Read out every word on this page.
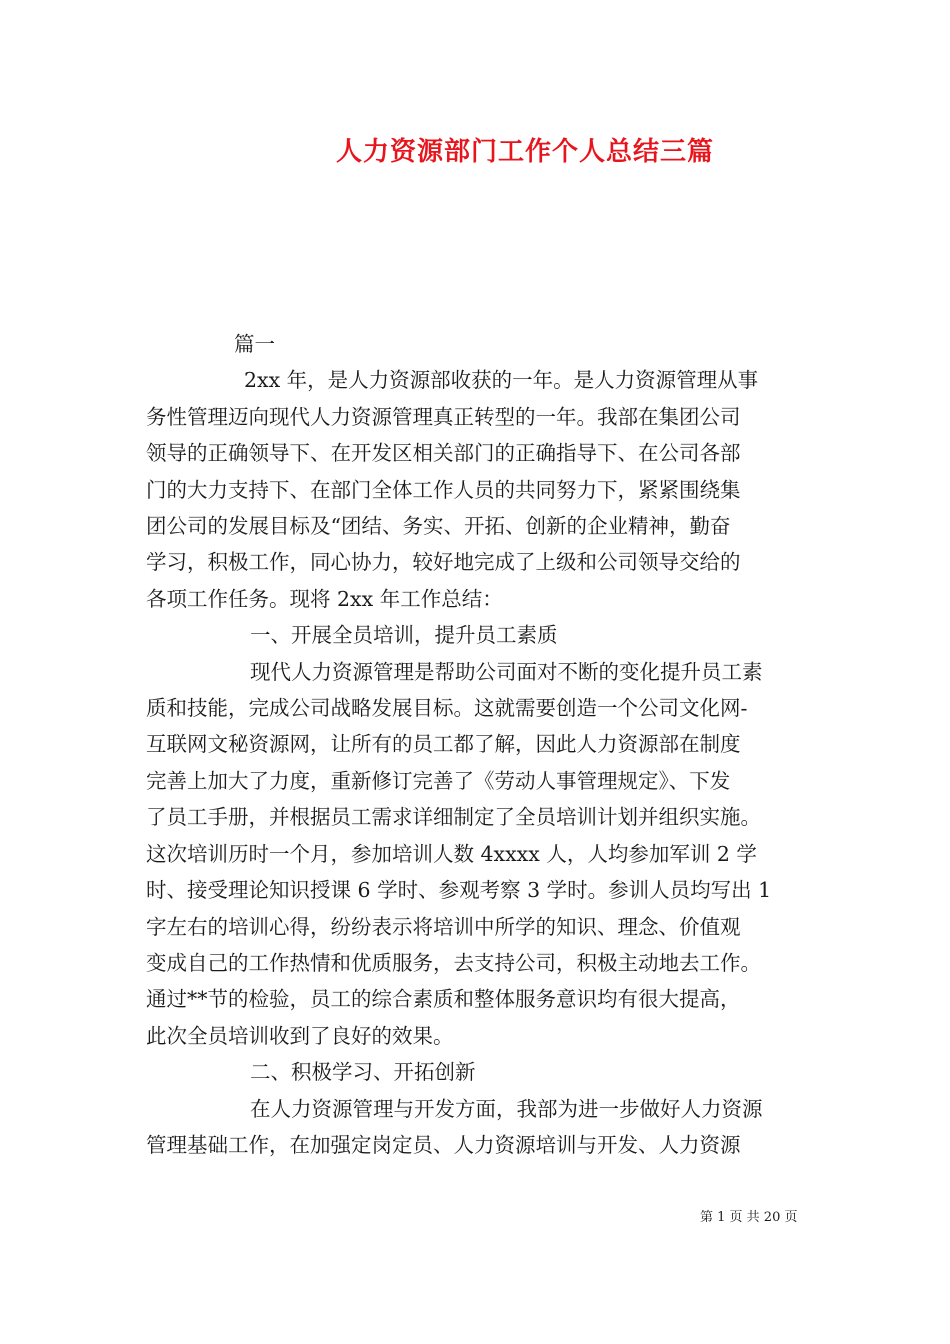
人力资源部门工作个人总结三篇
篇一
2xx 年，是人力资源部收获的一年。是人力资源管理从事
务性管理迈向现代人力资源管理真正转型的一年。我部在集团公司
领导的正确领导下、在开发区相关部门的正确指导下、在公司各部
门的大力支持下、在部门全体工作人员的共同努力下，紧紧围绕集
团公司的发展目标及“团结、务实、开拓、创新的企业精神，勤奋
学习，积极工作，同心协力，较好地完成了上级和公司领导交给的
各项工作任务。现将 2xx 年工作总结：
一、开展全员培训，提升员工素质
现代人力资源管理是帮助公司面对不断的变化提升员工素
质和技能，完成公司战略发展目标。这就需要创造一个公司文化网-
互联网文秘资源网，让所有的员工都了解，因此人力资源部在制度
完善上加大了力度，重新修订完善了《劳动人事管理规定》、下发
了员工手册，并根据员工需求详细制定了全员培训计划并组织实施。
这次培训历时一个月，参加培训人数 4xxxx 人，人均参加军训 2 学
时、接受理论知识授课 6 学时、参观考察 3 学时。参训人员均写出 1
字左右的培训心得，纷纷表示将培训中所学的知识、理念、价值观
变成自己的工作热情和优质服务，去支持公司，积极主动地去工作。
通过**节的检验，员工的综合素质和整体服务意识均有很大提高，
此次全员培训收到了良好的效果。
二、积极学习、开拓创新
在人力资源管理与开发方面，我部为进一步做好人力资源
管理基础工作，在加强定岗定员、人力资源培训与开发、人力资源
第 1 页 共 20 页
